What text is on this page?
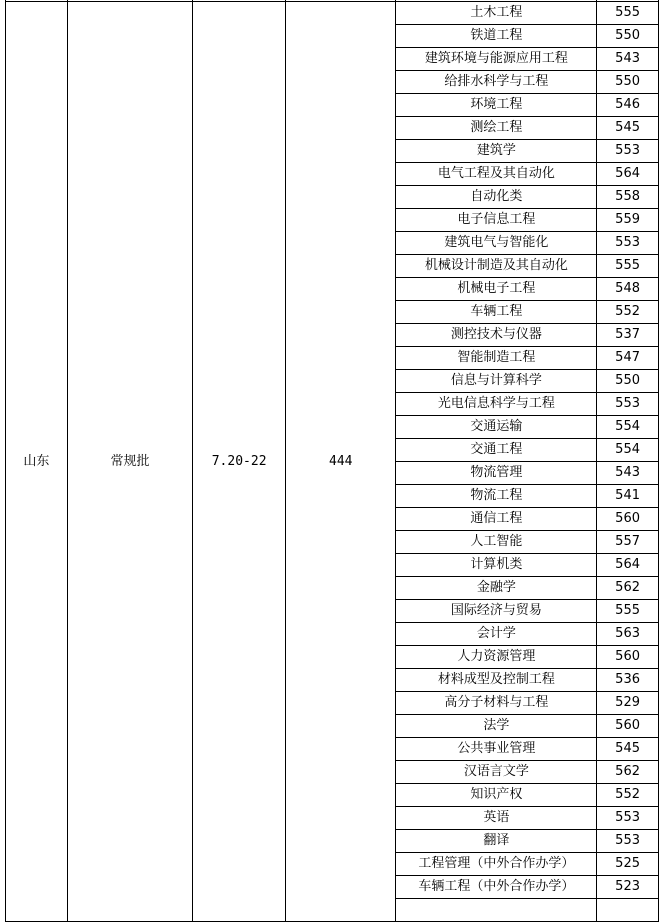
山东	常规批	7.20-22	444	土木工程	555
				铁道工程	550
				建筑环境与能源应用工程	543
				给排水科学与工程	550
				环境工程	546
				测绘工程	545
				建筑学	553
				电气工程及其自动化	564
				自动化类	558
				电子信息工程	559
				建筑电气与智能化	553
				机械设计制造及其自动化	555
				机械电子工程	548
				车辆工程	552
				测控技术与仪器	537
				智能制造工程	547
				信息与计算科学	550
				光电信息科学与工程	553
				交通运输	554
				交通工程	554
				物流管理	543
				物流工程	541
				通信工程	560
				人工智能	557
				计算机类	564
				金融学	562
				国际经济与贸易	555
				会计学	563
				人力资源管理	560
				材料成型及控制工程	536
				高分子材料与工程	529
				法学	560
				公共事业管理	545
				汉语言文学	562
				知识产权	552
				英语	553
				翻译	553
				工程管理（中外合作办学）	525
				车辆工程（中外合作办学）	523
